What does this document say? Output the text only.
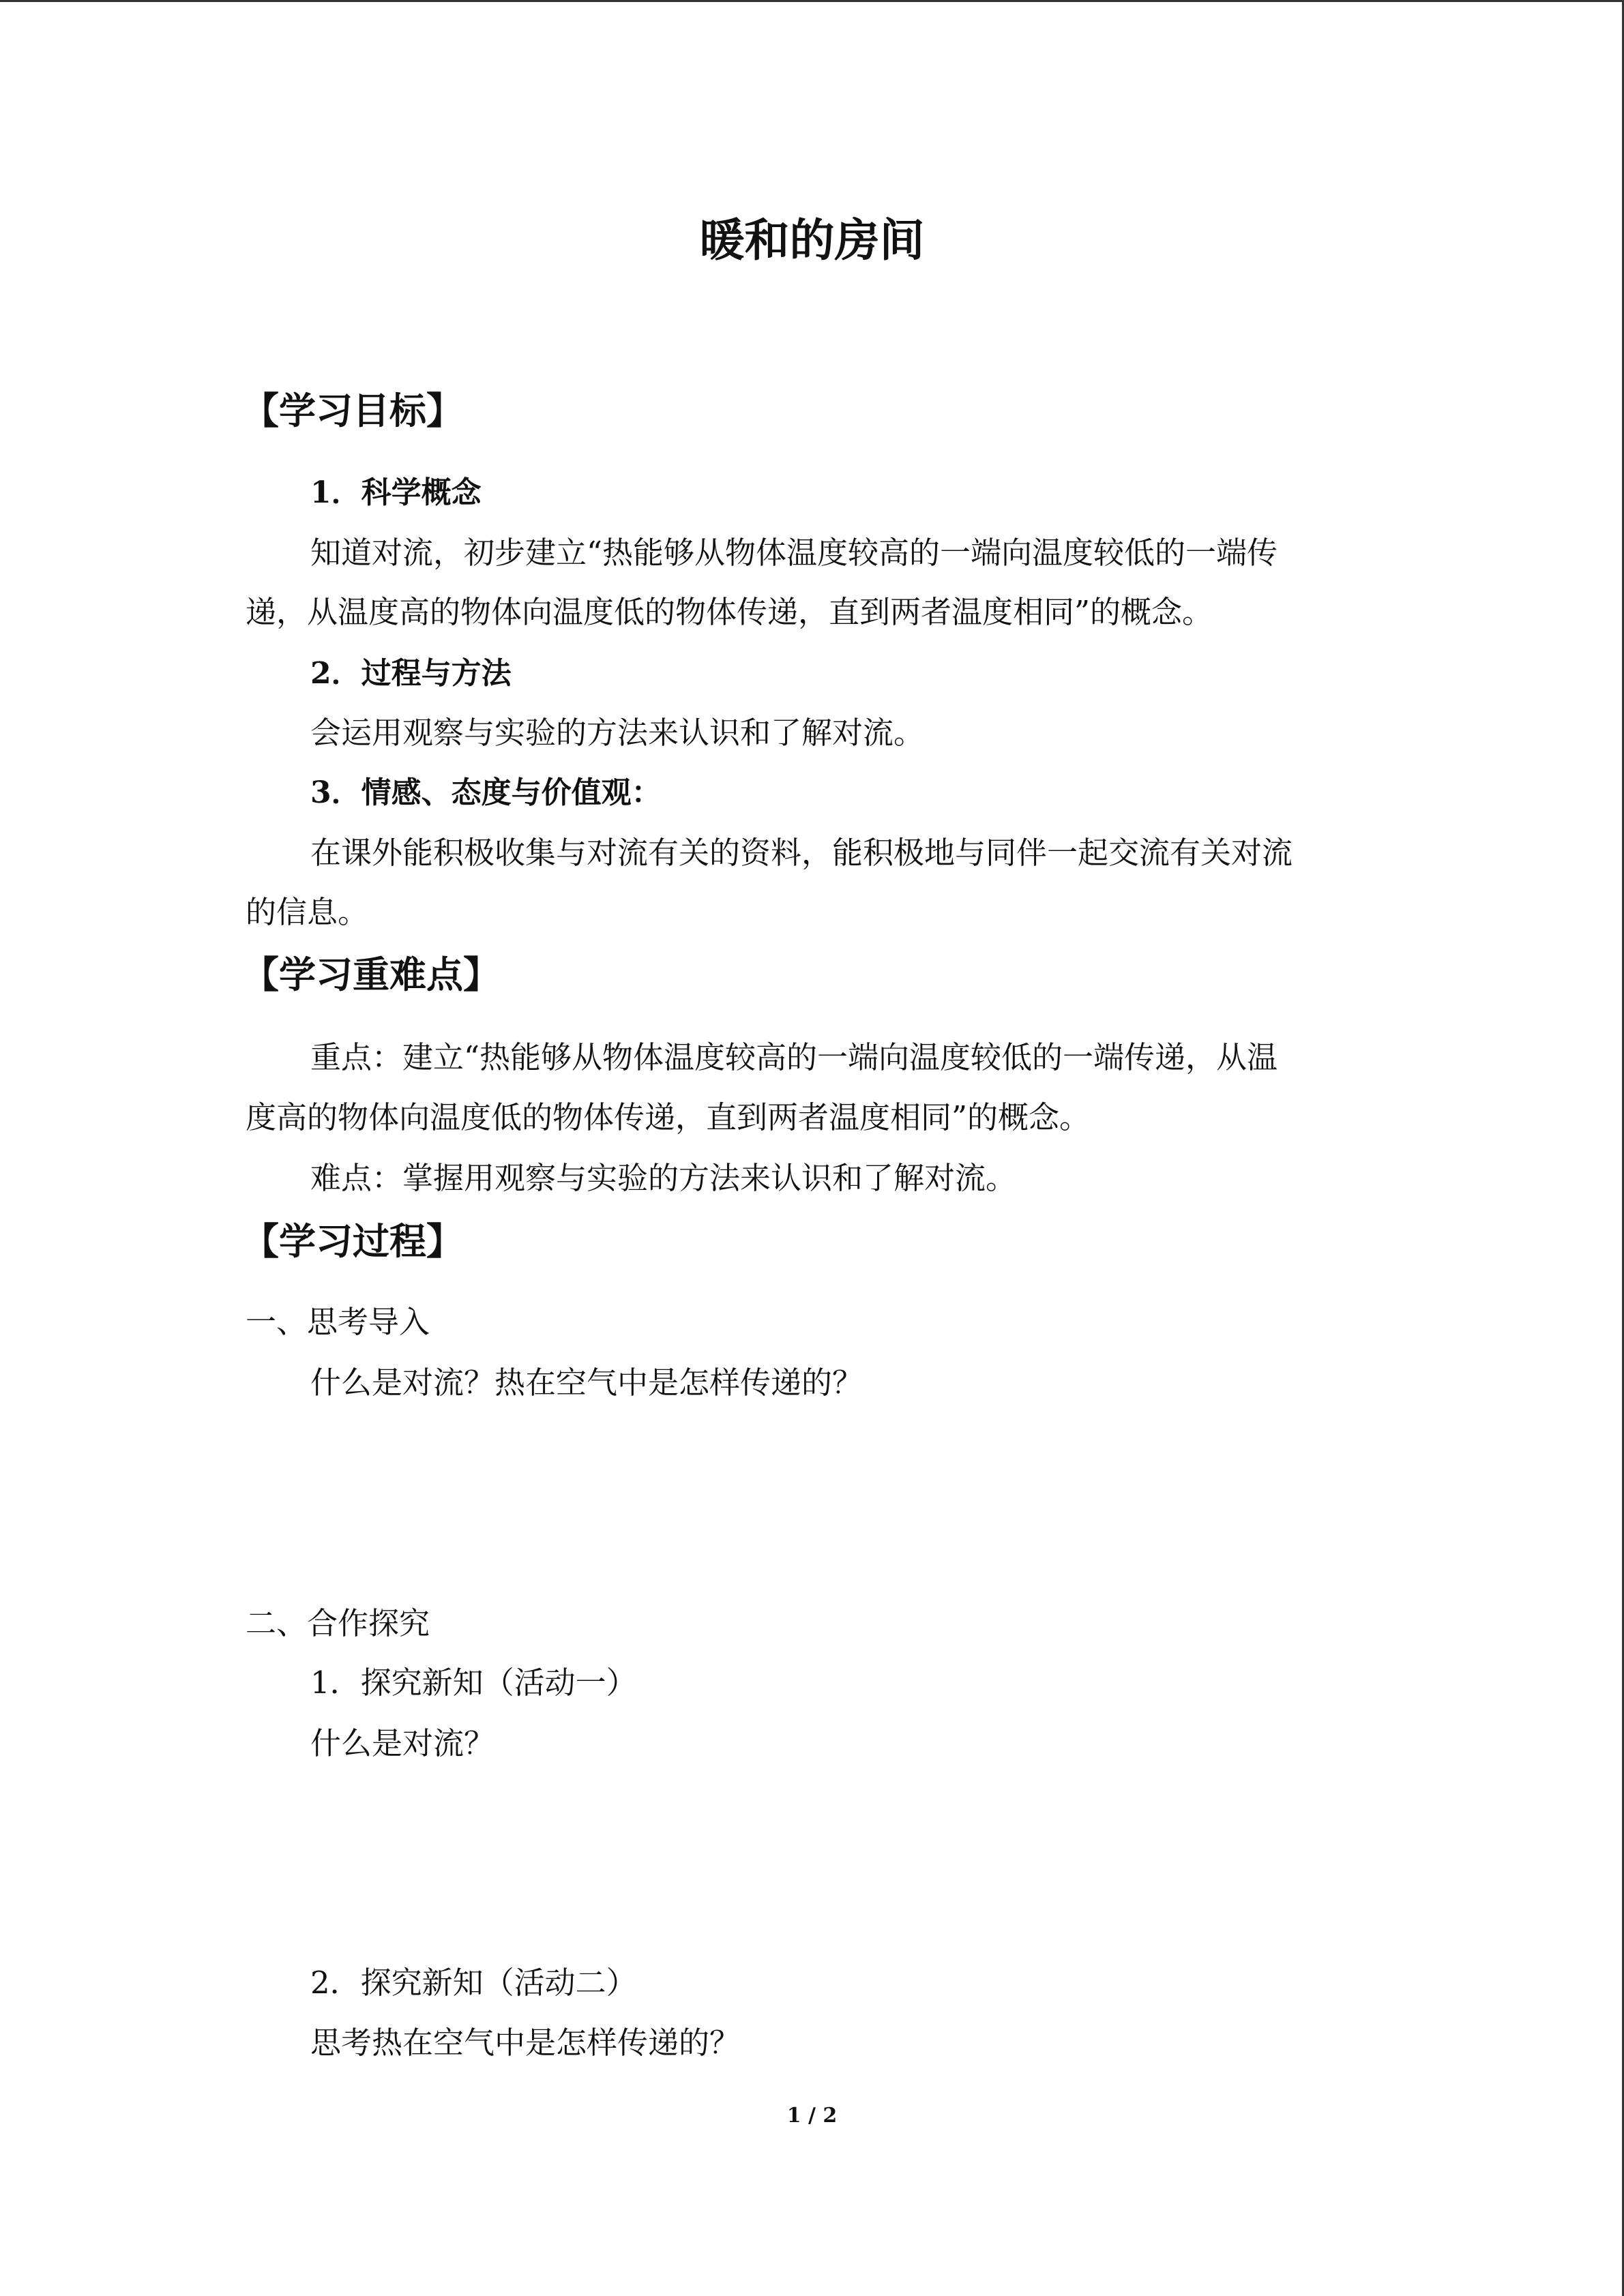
暖和的房间
【学习目标】
1．科学概念
知道对流，初步建立“热能够从物体温度较高的一端向温度较低的一端传
递，从温度高的物体向温度低的物体传递，直到两者温度相同”的概念。
2．过程与方法
会运用观察与实验的方法来认识和了解对流。
3．情感、态度与价值观：
在课外能积极收集与对流有关的资料，能积极地与同伴一起交流有关对流
的信息。
【学习重难点】
重点：建立“热能够从物体温度较高的一端向温度较低的一端传递，从温
度高的物体向温度低的物体传递，直到两者温度相同”的概念。
难点：掌握用观察与实验的方法来认识和了解对流。
【学习过程】
一、思考导入
什么是对流？热在空气中是怎样传递的？
二、合作探究
1．探究新知（活动一）
什么是对流？
2．探究新知（活动二）
思考热在空气中是怎样传递的？
1 / 2
